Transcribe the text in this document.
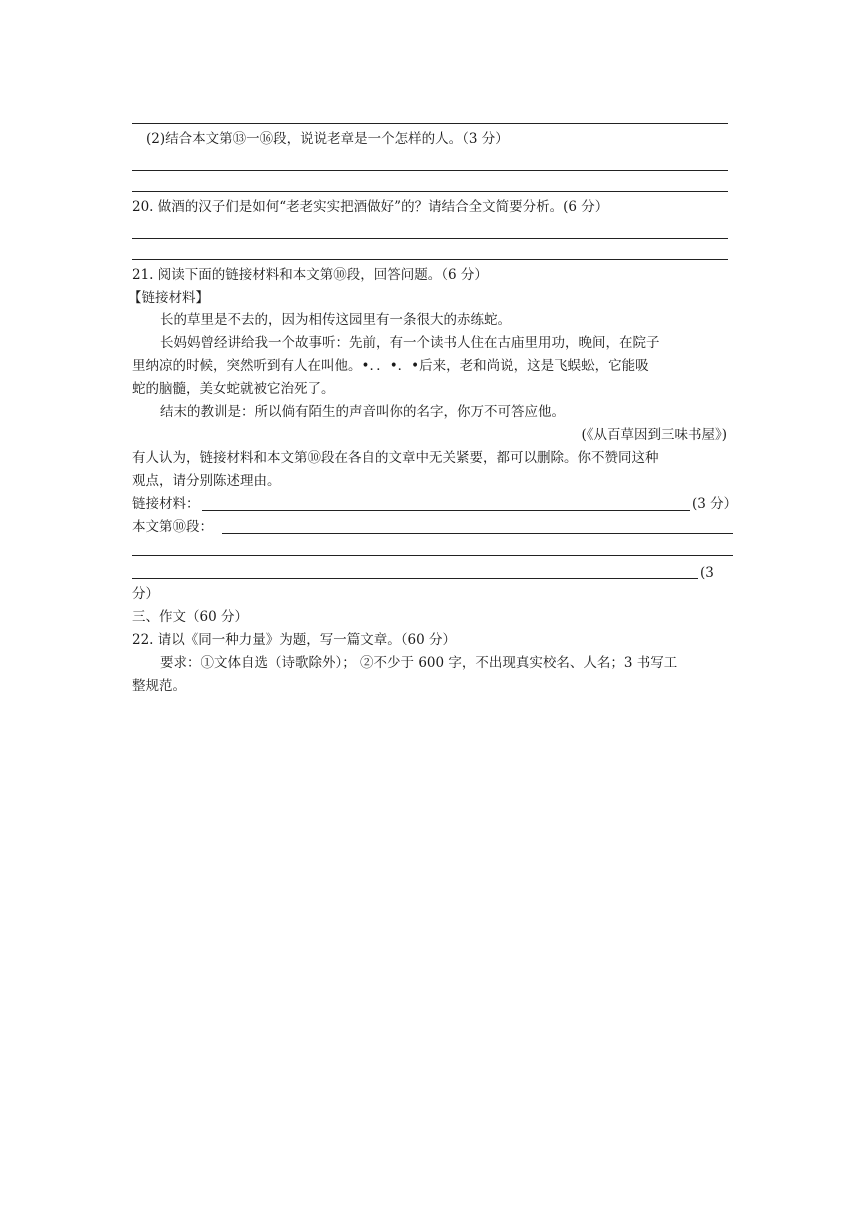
(2)结合本文第⑬一⑯段，说说老章是一个怎样的人。（3 分）
20. 做酒的汉子们是如何“老老实实把酒做好”的？请结合全文简要分析。(6 分）
21. 阅读下面的链接材料和本文第⑩段，回答问题。（6 分）
【链接材料】
长的草里是不去的，因为相传这园里有一条很大的赤练蛇。
长妈妈曾经讲给我一个故事听：先前，有一个读书人住在古庙里用功，晚间，在院子
里纳凉的时候，突然听到有人在叫他。•．．•．•后来，老和尚说，这是飞蜈蚣，它能吸
蛇的脑髓，美女蛇就被它治死了。
结末的教训是：所以倘有陌生的声音叫你的名字，你万不可答应他。
(《从百草因到三味书屋》)
有人认为，链接材料和本文第⑩段在各自的文章中无关紧要，都可以删除。你不赞同这种
观点，请分别陈述理由。
链接材料：	(3 分）
本文第⑩段：
(3
分）
三、作文（60 分）
22. 请以《同一种力量》为题，写一篇文章。（60 分）
要求：①文体自选（诗歌除外）； ②不少于 600 字，不出现真实校名、人名；3 书写工
整规范。
